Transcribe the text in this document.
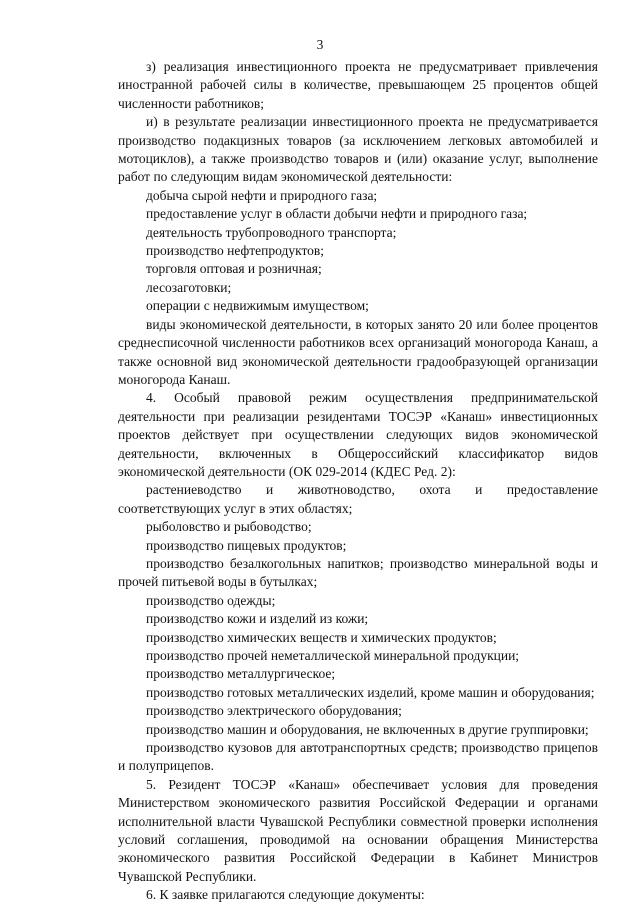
3

з) реализация инвестиционного проекта не предусматривает привлечения иностранной рабочей силы в количестве, превышающем 25 процентов общей численности работников;

и) в результате реализации инвестиционного проекта не предусматривается производство подакцизных товаров (за исключением легковых автомобилей и мотоциклов), а также производство товаров и (или) оказание услуг, выполнение работ по следующим видам экономической деятельности:

добыча сырой нефти и природного газа;

предоставление услуг в области добычи нефти и природного газа;

деятельность трубопроводного транспорта;

производство нефтепродуктов;

торговля оптовая и розничная;

лесозаготовки;

операции с недвижимым имуществом;

виды экономической деятельности, в которых занято 20 или более процентов среднесписочной численности работников всех организаций моногорода Канаш, а также основной вид экономической деятельности градообразующей организации моногорода Канаш.

4. Особый правовой режим осуществления предпринимательской деятельности при реализации резидентами ТОСЭР «Канаш» инвестиционных проектов действует при осуществлении следующих видов экономической деятельности, включенных в Общероссийский классификатор видов экономической деятельности (ОК 029-2014 (КДЕС Ред. 2):

растениеводство и животноводство, охота и предоставление соответствующих услуг в этих областях;

рыболовство и рыбоводство;

производство пищевых продуктов;

производство безалкогольных напитков; производство минеральной воды и прочей питьевой воды в бутылках;

производство одежды;

производство кожи и изделий из кожи;

производство химических веществ и химических продуктов;

производство прочей неметаллической минеральной продукции;

производство металлургическое;

производство готовых металлических изделий, кроме машин и оборудования;

производство электрического оборудования;

производство машин и оборудования, не включенных в другие группировки;

производство кузовов для автотранспортных средств; производство прицепов и полуприцепов.

5. Резидент ТОСЭР «Канаш» обеспечивает условия для проведения Министерством экономического развития Российской Федерации и органами исполнительной власти Чувашской Республики совместной проверки исполнения условий соглашения, проводимой на основании обращения Министерства экономического развития Российской Федерации в Кабинет Министров Чувашской Республики.

6. К заявке прилагаются следующие документы:
